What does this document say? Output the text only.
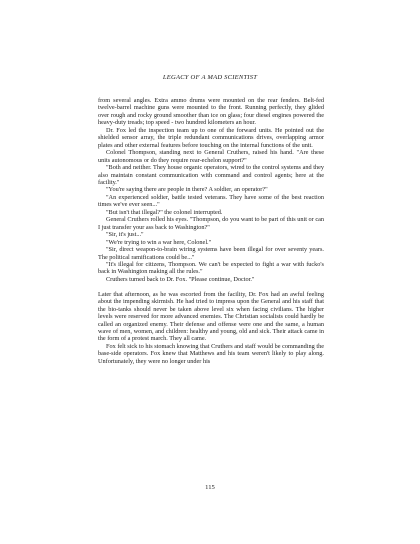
LEGACY OF A MAD SCIENTIST

from several angles. Extra ammo drums were mounted on the rear fenders. Belt-fed twelve-barrel machine guns were mounted to the front. Running perfectly, they glided over rough and rocky ground smoother than ice on glass; four diesel engines powered the heavy-duty treads; top speed - two hundred kilometers an hour.

Dr. Fox led the inspection team up to one of the forward units. He pointed out the shielded sensor array, the triple redundant communications drives, overlapping armor plates and other external features before touching on the internal functions of the unit.

Colonel Thompson, standing next to General Cruthers, raised his hand. "Are these units autonomous or do they require rear-echelon support?"

"Both and neither. They house organic operators, wired to the control systems and they also maintain constant communication with command and control agents; here at the facility."

"You're saying there are people in there? A soldier, an operator?"

"An experienced soldier, battle tested veterans. They have some of the best reaction times we've ever seen..."

"But isn't that illegal?" the colonel interrupted.

General Cruthers rolled his eyes. "Thompson, do you want to be part of this unit or can I just transfer your ass back to Washington?"

"Sir, it's just..."

"We're trying to win a war here, Colonel."

"Sir, direct weapon-to-brain wiring systems have been illegal for over seventy years. The political ramifications could be..."

"It's illegal for citizens, Thompson. We can't be expected to fight a war with fucko's back in Washington making all the rules."

Cruthers turned back to Dr. Fox. "Please continue, Doctor."

Later that afternoon, as he was escorted from the facility, Dr. Fox had an awful feeling about the impending skirmish. He had tried to impress upon the General and his staff that the bio-tanks should never be taken above level six when facing civilians. The higher levels were reserved for more advanced enemies. The Christian socialists could hardly be called an organized enemy. Their defense and offense were one and the same, a human wave of men, women, and children: healthy and young, old and sick. Their attack came in the form of a protest march. They all came.

Fox felt sick to his stomach knowing that Cruthers and staff would be commanding the base-side operators. Fox knew that Matthews and his team weren't likely to play along. Unfortunately, they were no longer under his

115
